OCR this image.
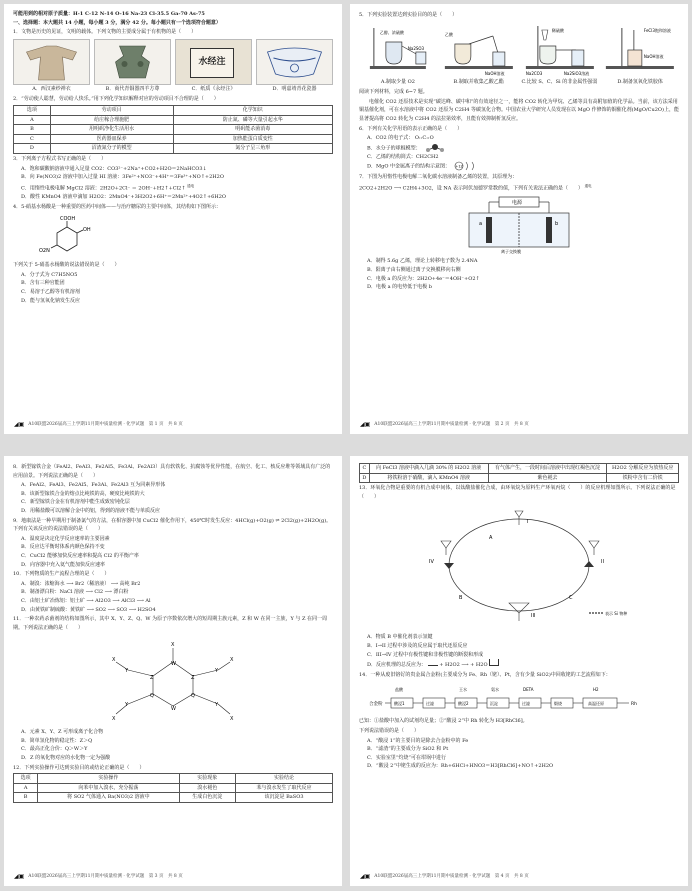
可能用到的相对原子质量：H-1 C-12 N-14 O-16 Na-23 Cl-35.5 Ga-70 As-75
一、选择题：本大题共 14 小题，每小题 3 分，满分 42 分。每小题只有一个选项符合题意）
1．文物是历史的见证，文明的载体。下列文物的主要成分属于有机物的是（　　）
A．西汉素纱禅衣	B．商代青铜器四羊方尊
水经注
C．纸质《永经注》	D．明嘉靖青花瓷器
2．“劳动使人聪慧，劳动给人快乐。”用下列化学知识解释对应的劳动项目不合理的是（　　）
选项	劳动项目	化学知识
A	给庄稼合理施肥	防止氮、磷等大量引起水华
B	用明矾净化生活用水	明矾能杀菌消毒
C	医药器皿保养	加热能蛋白质变性
D	沼渣氮分子的模型	氮分子呈三角形
3．下列离子方程式书写正确的是（　　）
A．饱和碳酸钠溶液中通入足量 CO2：CO3²⁻+2Na⁺+CO2+H2O＝2NaHCO3↓
B．向 Fe(NO3)2 溶液中加入过量 HI 溶液：3Fe²⁺+NO3⁻+4H⁺＝3Fe³⁺+NO↑+2H2O
C．用惰性电极电解 MgCl2 溶液：2H2O+2Cl⁻ ＝ 2OH⁻+H2↑+Cl2↑ $^{通电}$
D．酸性 KMnO4 溶液中滴加 H2O2：2MnO4⁻+3H2O2+6H⁺＝2Mn²⁺+4O2↑+6H2O
4．5-硝基水杨酸是一种重要的医药中间体——与治疗糖尿的主要中间体，其结构如下图所示：
COOH
OH
O2N
下列关于 5-硝基水杨酸的说法错误的是（　　）
A．分子式为 C7H5NO5
B．含有三种官能团
C．易溶于乙醇等有机溶剂
D．能与氢氧化钠发生反应
◢▣ A10联盟2026届高三上学期11月期中质量检测 · 化学试题　第 1 页　共 8 页
5．下列实验装置达到实验目的的是（　　）
乙醇、浓硫酸
Na2SO3
A.制取少量 O2
乙酸
NaOH溶液
B.制取并收集乙酸乙酯
稀硫酸
Na2CO3	Na2SiO3溶液
C.比较 S、C、Si 的非金属性强弱
FeCl3饱和溶液
NaOH溶液
D.制备氢氧化铁胶体
阅读下列材料，完成 6~7 题。
电催化 CO2 还原技术是实现“碳达峰、碳中和”的有效途径之一，能将 CO2 转化为甲烷、乙烯等具有高附加值的化学品。当前，该方法采用铜基催化剂，可在水溶液中将 CO2 还原为 C2H4 等碳氢化合物。中国农业大学研究人员发现在以 MgO 作修饰的铜催化剂(MgO/Cu2O)上，能显著提高将 CO2 转化为 C2H4 的法拉第效率，且能有效抑制析氢反应。
6．下列有关化学用语的表示正确的是（　　）
A．CO2 的电子式： O::C::O
B．水分子的球棍模型：
C．乙烯的结构简式：CH2CH2
D．MgO 中金属离子的结构示意图： +12
7．下图为用惰性电极电解二氧化碳水溶液制备乙烯的装置，其原理为：
2CO2+2H2O ⟶ C2H4+3O2，设 NA 表示阿伏加德罗常数的值，下列有关说法正确的是（　　） $^{通电}$
电源
a	b
离子交换膜
A．制得 5.6g 乙烯，理论上转移电子数为 2.4NA
B．阳离子由右侧通过离子交换膜移向右侧
C．电极 a 的反应为：2H2O+4e⁻＝4OH⁻+O2↑
D．电极 a 的电势低于电极 b
◢▣ A10联盟2026届高三上学期11月期中质量检测 · 化学试题　第 2 页　共 8 页
8．新型镓铁合金（FeAl2、FeAl3、Fe2Al5、Fe3Al、Fe2Al3）具有软铁化、抗腐蚀等优异性能，在航空、化工、核反应堆等领域具有广泛的应用前景。下列说法正确的是（　　）
A．FeAl2、FeAl3、Fe2Al5、Fe3Al、Fe2Al3 互为同素异形体
B．该新型镓铁合金的熔点比纯铁的高，硬度比纯铁的大
C．新型镓铁合金在有机溶剂中能生成致密钝化层
D．用稀盐酸可以溶解合金中的铝，得到的溶液不能与单质反应
9．地康法是一种早期用于制备氯气的方法，在相容器中加 CuCl2 催化作用下，450℃时发生反应：4HCl(g)+O2(g) ⇌ 2Cl2(g)+2H2O(g)。下列有关该反应的说法错误的是（　　）
A．温度是决定化学反应速率的主要因素
B．反应达平衡时体系内颜色保持不变
C．CuCl2 能够加快反应速率和提高 Cl2 的平衡产率
D．向容器中充入氦气能加快反应速率
10．下列物质的生产流程合理的是（　　）
A．制溴：浓缩海水 ⟶ Br2（稀溶液） ⟶ 高纯 Br2
B．制备漂白粉：NaCl 溶液 ⟶ Cl2 ⟶ 漂白粉
C．由铝土矿冶炼铝：铝土矿 ⟶ Al2O3 ⟶ AlCl3 ⟶ Al
D．由黄铁矿制硫酸：黄铁矿 ⟶ SO2 ⟶ SO3 ⟶ H2SO4
11．一种农药杀菌剂的结构如图所示，其中 X、Y、Z、Q、W 为原子序数依次增大的短周期主族元素，Z 和 W 在同一主族，Y 与 Z 在同一周期。下列说法正确的是（　　）
X
W
Z	Z
Q	Q
W
Y	Y
Y	Y
X	X
X	X
A．元素 X、Y、Z 可形成离子化合物
B．简单氢化物的稳定性：Z＞Q
C．最高正化合价：Q＞W＞Y
D．Z 的氧化物对应的水化物一定为强酸
12．下列实验操作可达到实验目的或结论正确的是（　　）
选项	实验操作	实验现象	实验结论
A	向苯中加入溴水，充分振荡	溴水褪色	苯与溴水发生了取代反应
B	将 SO2 气体通入 Ba(NO3)2 溶液中	生成白色沉淀	该沉淀是 BaSO3
◢▣ A10联盟2026届高三上学期11月期中质量检测 · 化学试题　第 3 页　共 8 页
C	向 FeCl3 溶液中滴入几滴 30% 的 H2O2 溶液	有气体产生，一段时间后溶液中出现红褐色沉淀	H2O2 分解反应为放热反应
D	将铁粉溶于硝酸，滴入 KMnO4 溶液	紫色褪去	铁粉中含有二价铁
13．环氧化合物是重要的有机合成中间体，以钛酸盐催化合成，由环氧烷为原料生产环氧丙烷（　　）的反应机理如图所示。下列说法正确的是（　　）
I
II
III
IV
A
B	C
表示 Si 物种
A．物质 B 中催化剂表示氢键
B．I→II 过程中涉及的反应属于取代还原反应
C．III→IV 过程中有极性键和非极性键的断裂和形成
D．反应机理的总反应为：	+ H2O2 ⟶ + H2O
14．一种从废旧铬钌的贵金属合金粉(主要成分为 Fe、Rh（铑）、Pt，含有少量 SiO2)中回收铑的工艺流程如下：
合金粉	酸浸1	过滤	酸浸2	沉淀	过滤	煅烧	高温还原	Rh
盐酸	王水	氨水	DETA	H2
已知：①盐酸中加入的试剂均足量；②“酸浸 2”中 Rh 转化为 H3[RhCl6]。
下列说法错误的是（　　）
A．“酸浸 1”的主要目的是除去合金粉中的 Fe
B．“滤渣”的主要成分为 SiO2 和 Pt
C．实验室里“灼烧”可在坩埚中进行
D．“酸浸 2”中铑生成的反应为：Rh+6HCl+HNO3＝H3[RhCl6]+NO↑+2H2O
◢▣ A10联盟2026届高三上学期11月期中质量检测 · 化学试题　第 4 页　共 8 页
